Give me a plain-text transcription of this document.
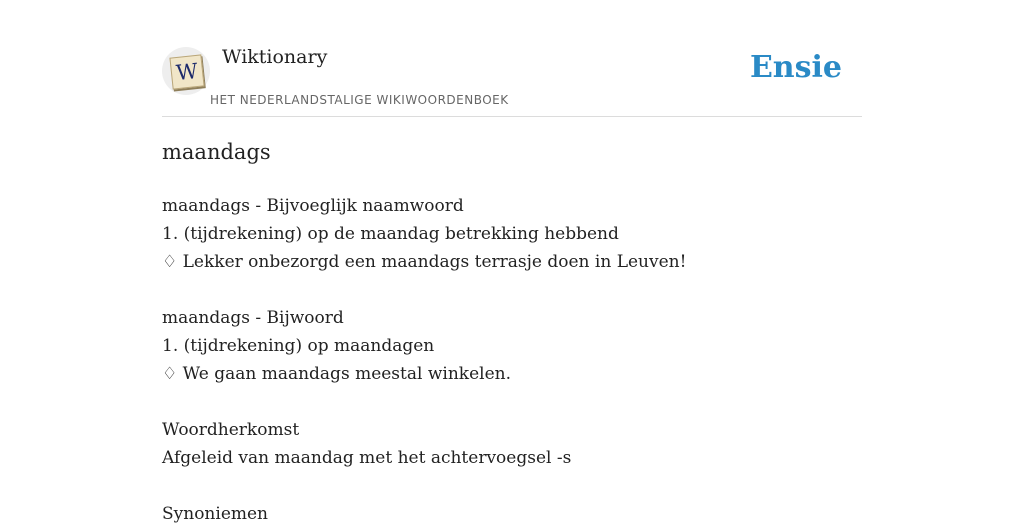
W
Wiktionary
HET NEDERLANDSTALIGE WIKIWOORDENBOEK
Ensie
maandags
maandags - Bijvoeglijk naamwoord
1. (tijdrekening) op de maandag betrekking hebbend
♢ Lekker onbezorgd een maandags terrasje doen in Leuven!
maandags - Bijwoord
1. (tijdrekening) op maandagen
♢ We gaan maandags meestal winkelen.
Woordherkomst
Afgeleid van maandag met het achtervoegsel -s
Synoniemen
